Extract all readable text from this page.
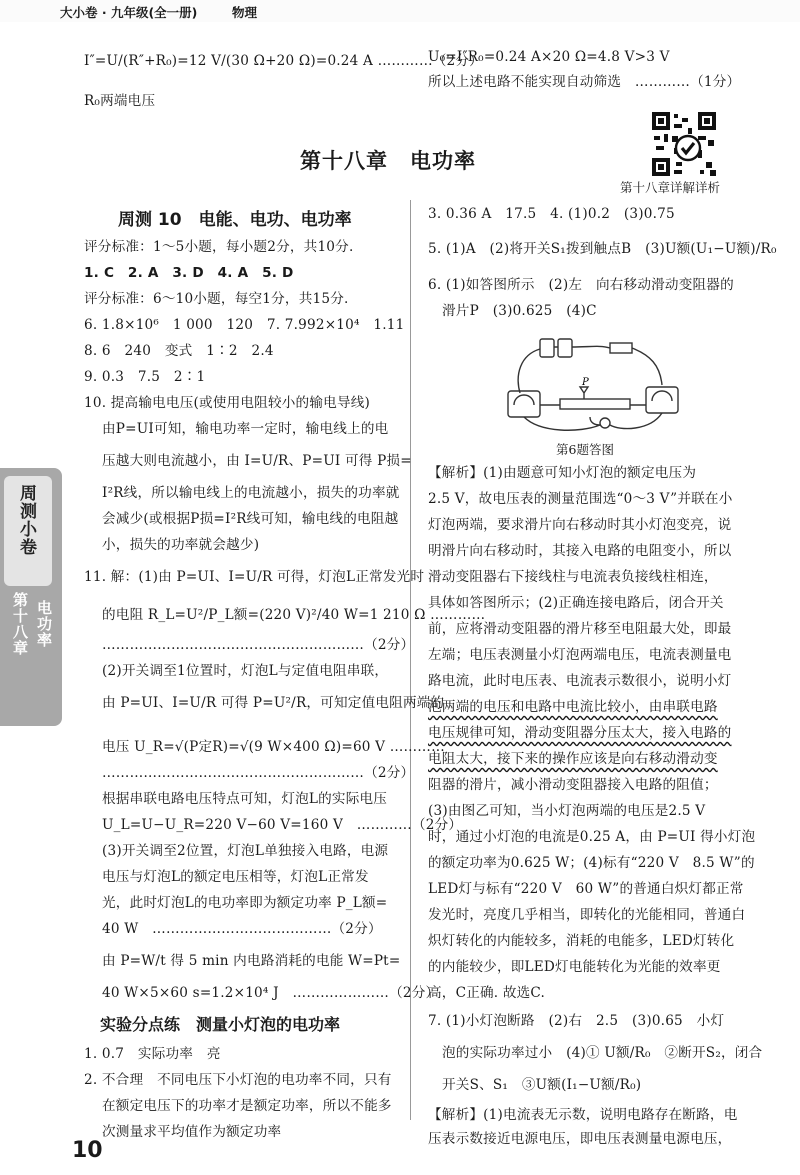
大小卷 · 九年级(全一册)	物理
I″=U/(R″+R₀)=12 V/(30 Ω+20 Ω)=0.24 A …………（2分）
R₀两端电压
U₀=I″R₀=0.24 A×20 Ω=4.8 V>3 V
所以上述电路不能实现自动筛选　…………（1分）
第十八章　电功率
第十八章详解详析
周测小卷
第十八章 电功率
周测 10　电能、电功、电功率
评分标准：1～5小题，每小题2分，共10分.
1. C　2. A　3. D　4. A　5. D
评分标准：6～10小题，每空1分，共15分.
6. 1.8×10⁶　1 000　120　7. 7.992×10⁴　1.11
8. 6　240　变式　1∶2　2.4
9. 0.3　7.5　2∶1
10. 提高输电电压(或使用电阻较小的输电导线)
由P=UI可知，输电功率一定时，输电线上的电
压越大则电流越小，由 I=U/R、P=UI 可得 P损=
I²R线，所以输电线上的电流越小，损失的功率就
会减少(或根据P损=I²R线可知，输电线的电阻越
小，损失的功率就会越少)
11. 解：(1)由 P=UI、I=U/R 可得，灯泡L正常发光时
的电阻 R_L=U²/P_L额=(220 V)²/40 W=1 210 Ω …………
…………………………………………………（2分）
(2)开关调至1位置时，灯泡L与定值电阻串联，
由 P=UI、I=U/R 可得 P=U²/R，可知定值电阻两端的
电压 U_R=√(P定R)=√(9 W×400 Ω)=60 V …………
…………………………………………………（2分）
根据串联电路电压特点可知，灯泡L的实际电压
U_L=U−U_R=220 V−60 V=160 V　…………（2分）
(3)开关调至2位置，灯泡L单独接入电路，电源
电压与灯泡L的额定电压相等，灯泡L正常发
光，此时灯泡L的电功率即为额定功率 P_L额=
40 W　…………………………………（2分）
由 P=W/t 得 5 min 内电路消耗的电能 W=Pt=
40 W×5×60 s=1.2×10⁴ J　…………………（2分）
实验分点练　测量小灯泡的电功率
1. 0.7　实际功率　亮
2. 不合理　不同电压下小灯泡的电功率不同，只有
在额定电压下的功率才是额定功率，所以不能多
次测量求平均值作为额定功率
3. 0.36 A　17.5　4. (1)0.2　(3)0.75
5. (1)A　(2)将开关S₁拨到触点B　(3)U额(U₁−U额)/R₀
6. (1)如答图所示　(2)左　向右移动滑动变阻器的
滑片P　(3)0.625　(4)C
P
第6题答图
【解析】(1)由题意可知小灯泡的额定电压为
2.5 V，故电压表的测量范围选“0～3 V”并联在小
灯泡两端，要求滑片向右移动时其小灯泡变亮，说
明滑片向右移动时，其接入电路的电阻变小，所以
滑动变阻器右下接线柱与电流表负接线柱相连，
具体如答图所示；(2)正确连接电路后，闭合开关
前，应将滑动变阻器的滑片移至电阻最大处，即最
左端；电压表测量小灯泡两端电压，电流表测量电
路电流，此时电压表、电流表示数很小，说明小灯
泡两端的电压和电路中电流比较小，由串联电路
电压规律可知，滑动变阻器分压太大，接入电路的
电阻太大，接下来的操作应该是向右移动滑动变
阻器的滑片，减小滑动变阻器接入电路的阻值；
(3)由图乙可知，当小灯泡两端的电压是2.5 V
时，通过小灯泡的电流是0.25 A，由 P=UI 得小灯泡
的额定功率为0.625 W；(4)标有“220 V　8.5 W”的
LED灯与标有“220 V　60 W”的普通白炽灯都正常
发光时，亮度几乎相当，即转化的光能相同，普通白
炽灯转化的内能较多，消耗的电能多，LED灯转化
的内能较少，即LED灯电能转化为光能的效率更
高，C正确. 故选C.
7. (1)小灯泡断路　(2)右　2.5　(3)0.65　小灯
泡的实际功率过小　(4)① U额/R₀　②断开S₂，闭合
开关S、S₁　③U额(I₁−U额/R₀)
【解析】(1)电流表无示数，说明电路存在断路，电
压表示数接近电源电压，即电压表测量电源电压，
10
